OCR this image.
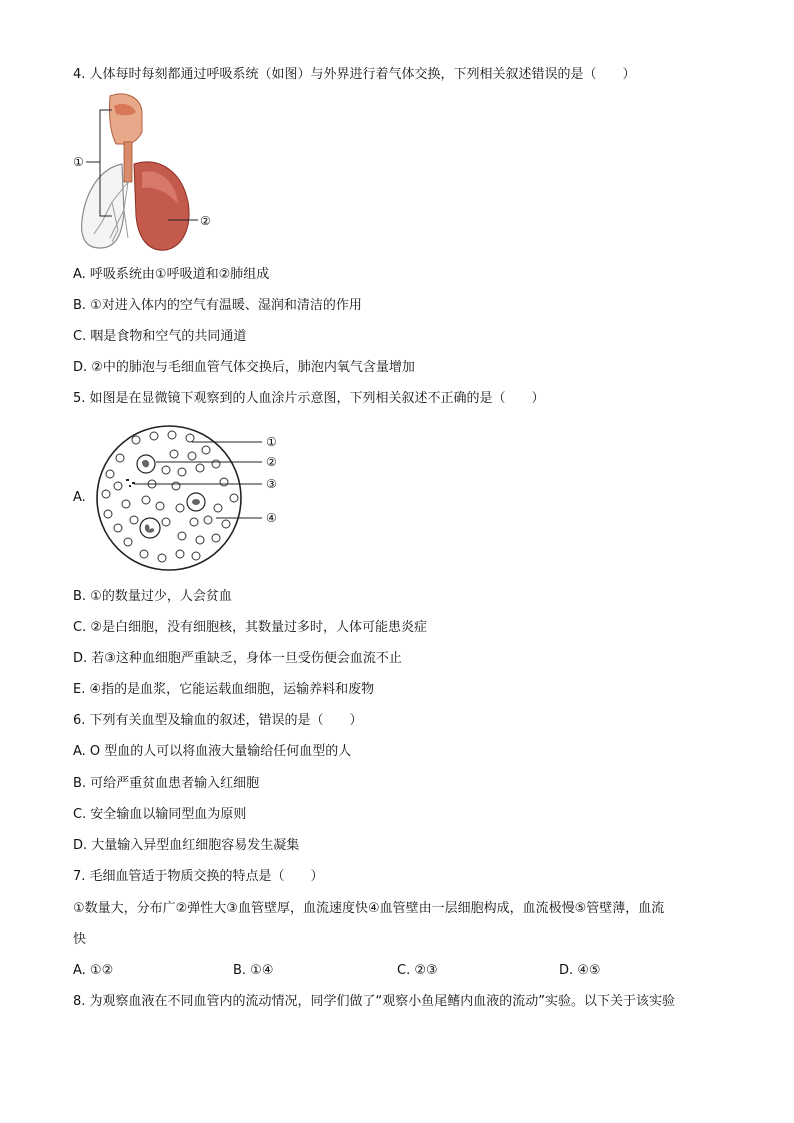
4. 人体每时每刻都通过呼吸系统（如图）与外界进行着气体交换，下列相关叙述错误的是（　　）
①
②
A. 呼吸系统由①呼吸道和②肺组成
B. ①对进入体内的空气有温暖、湿润和清洁的作用
C. 咽是食物和空气的共同通道
D. ②中的肺泡与毛细血管气体交换后，肺泡内氧气含量增加
5. 如图是在显微镜下观察到的人血涂片示意图，下列相关叙述不正确的是（　　）
A.
①
②
③
④
B. ①的数量过少，人会贫血
C. ②是白细胞，没有细胞核，其数量过多时，人体可能患炎症
D. 若③这种血细胞严重缺乏，身体一旦受伤便会血流不止
E. ④指的是血浆，它能运载血细胞，运输养料和废物
6. 下列有关血型及输血的叙述，错误的是（　　）
A. O 型血的人可以将血液大量输给任何血型的人
B. 可给严重贫血患者输入红细胞
C. 安全输血以输同型血为原则
D. 大量输入异型血红细胞容易发生凝集
7. 毛细血管适于物质交换的特点是（　　）
①数量大，分布广②弹性大③血管壁厚，血流速度快④血管壁由一层细胞构成，血流极慢⑤管壁薄，血流
快
A. ①②	B. ①④	C. ②③	D. ④⑤
8. 为观察血液在不同血管内的流动情况，同学们做了“观察小鱼尾鳍内血液的流动”实验。以下关于该实验
